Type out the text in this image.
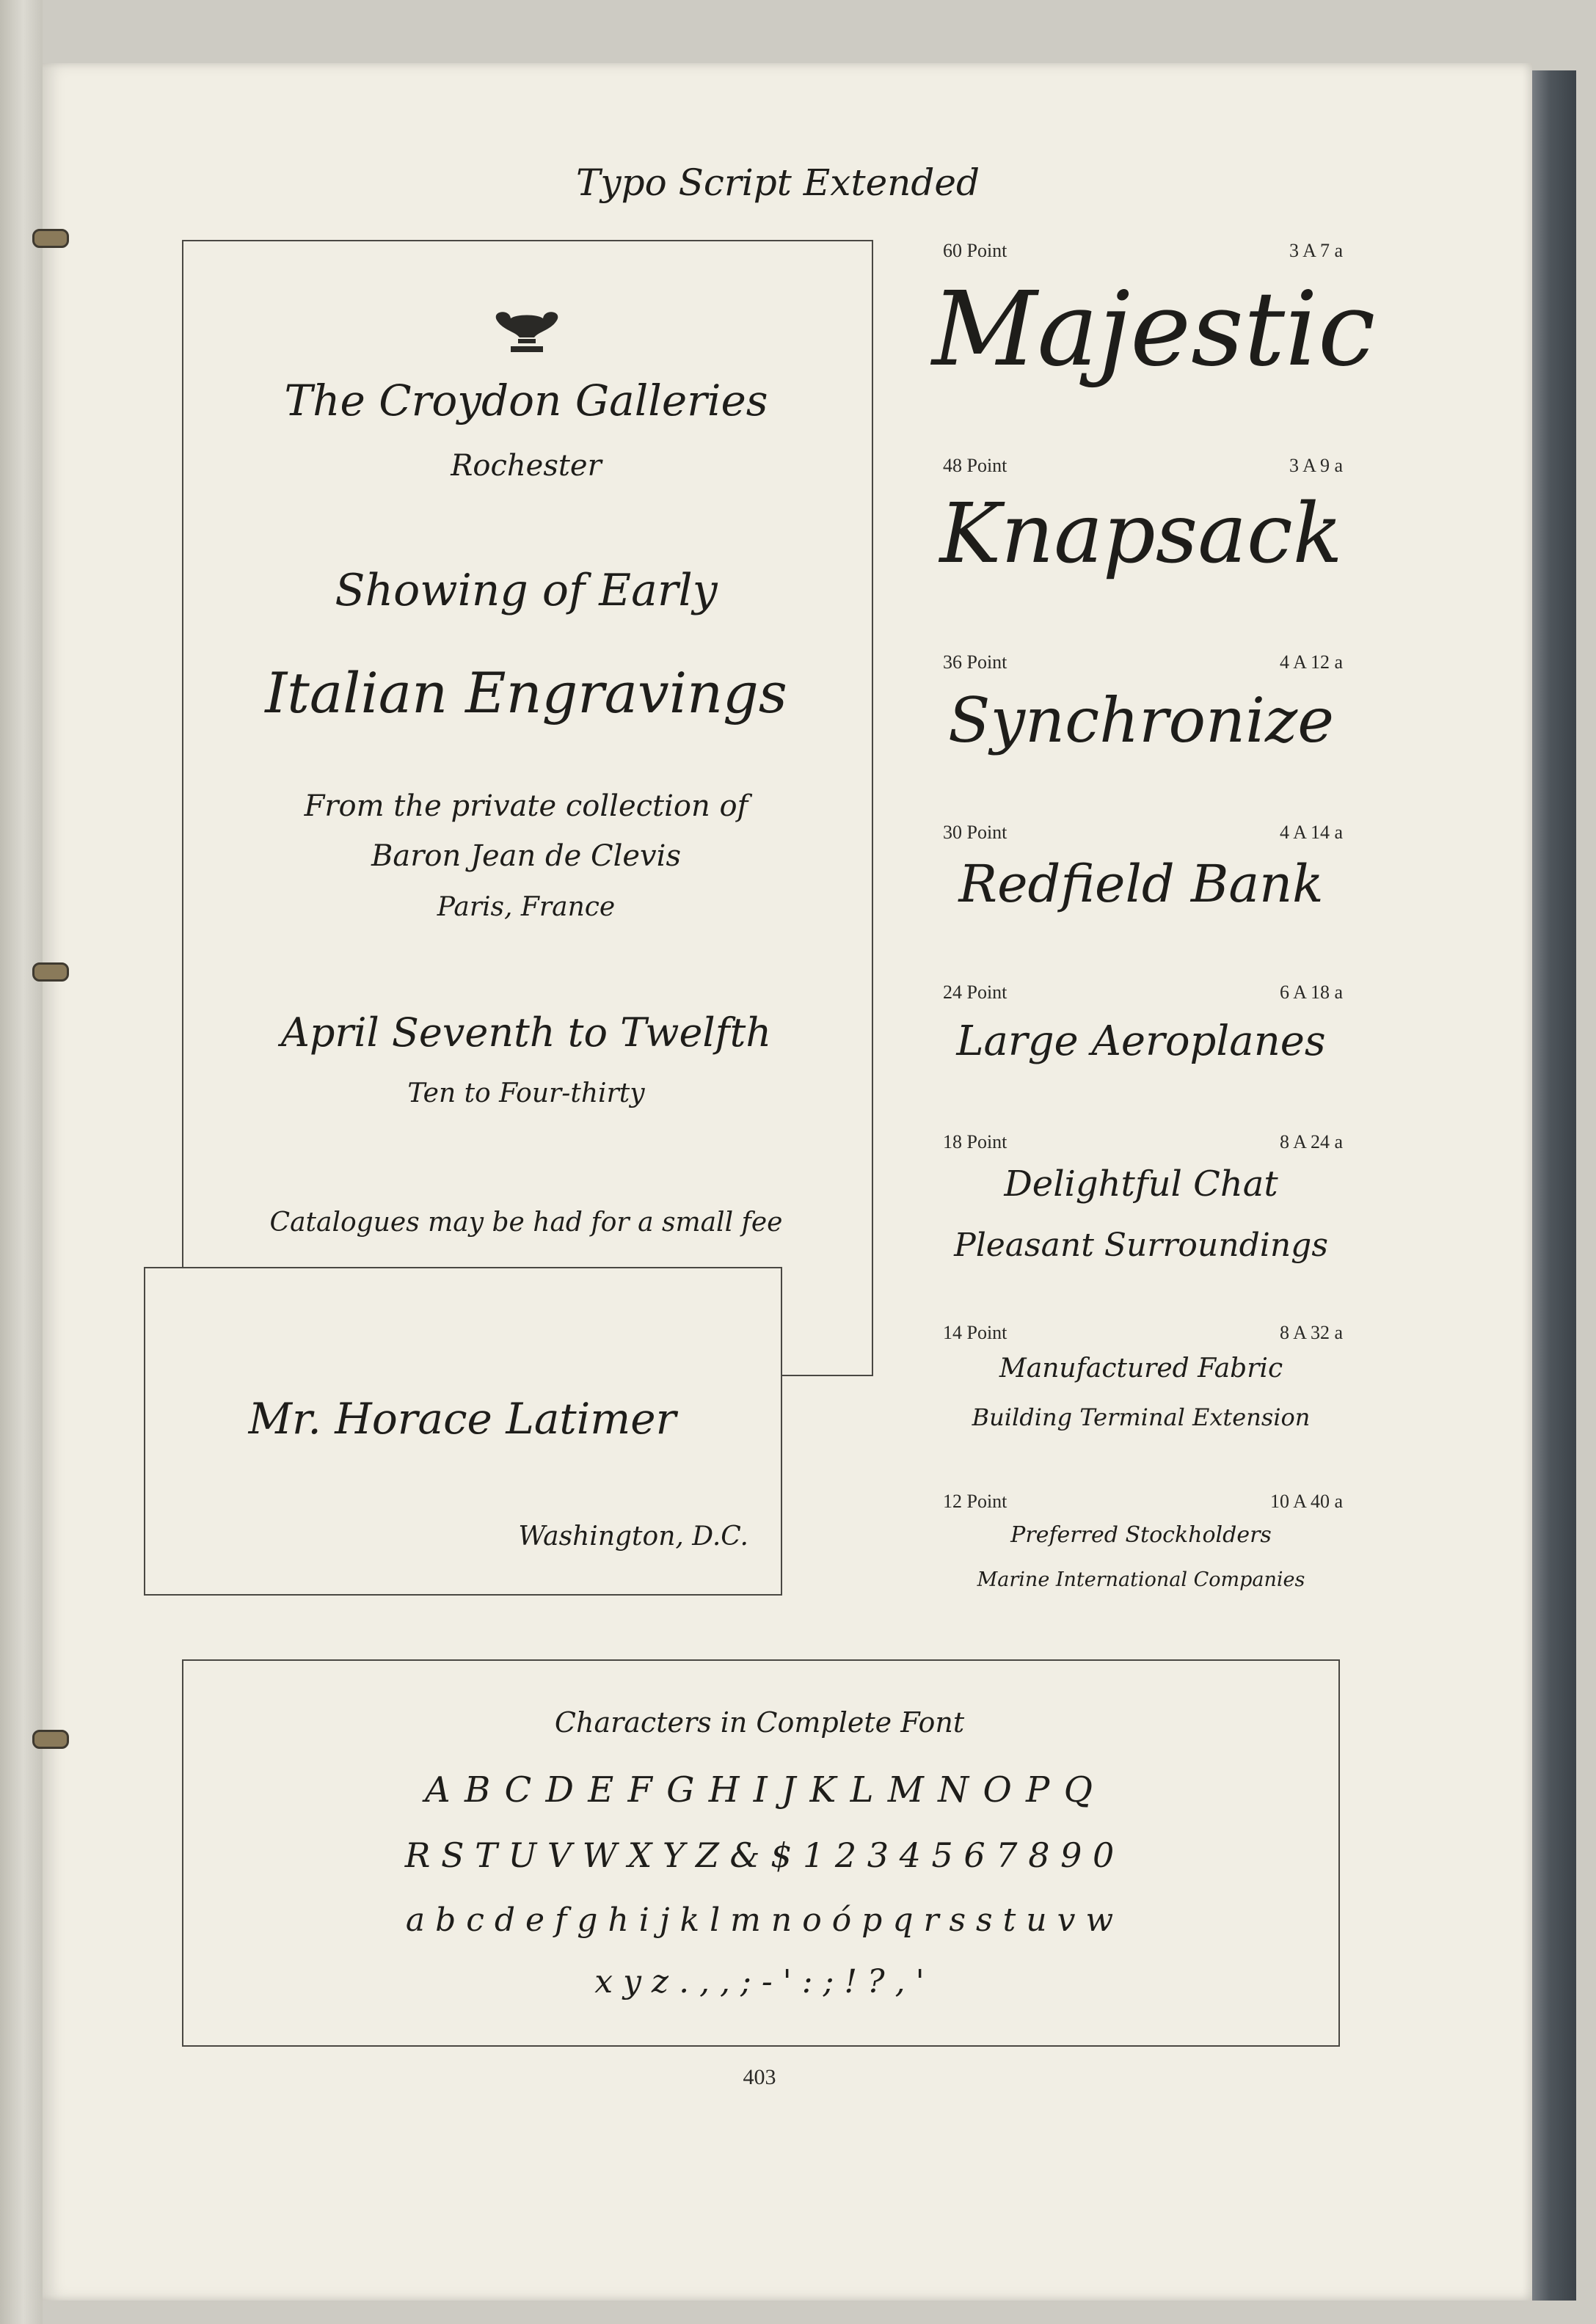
Typo Script Extended
The Croydon Galleries
Rochester
Showing of Early
Italian Engravings
From the private collection of
Baron Jean de Clevis
Paris, France
April Seventh to Twelfth
Ten to Four-thirty
Catalogues may be had for a small fee
Mr. Horace Latimer
Washington, D.C.
60 Point	3 A 7 a
Majestic
48 Point	3 A 9 a
Knapsack
36 Point	4 A 12 a
Synchronize
30 Point	4 A 14 a
Redfield Bank
24 Point	6 A 18 a
Large Aeroplanes
18 Point	8 A 24 a
Delightful Chat
Pleasant Surroundings
14 Point	8 A 32 a
Manufactured Fabric
Building Terminal Extension
12 Point	10 A 40 a
Preferred Stockholders
Marine International Companies
Characters in Complete Font
A B C D E F G H I J K L M N O P Q
R S T U V W X Y Z & $ 1 2 3 4 5 6 7 8 9 0
a b c d e f g h i j k l m n o ó p q r s s t u v w
x y z . , , ; - ' : ; ! ? , '
403
